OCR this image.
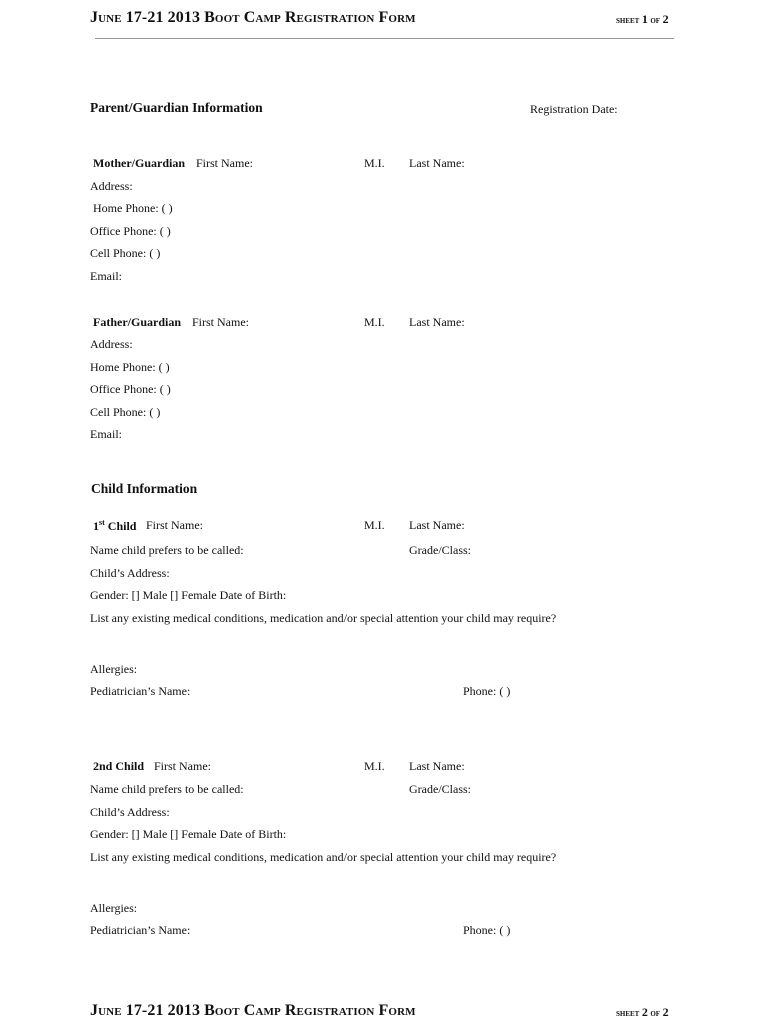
June 17-21 2013 Boot Camp Registration Form	sheet 1 of 2
Parent/Guardian Information	Registration Date:
Mother/Guardian First Name:	M.I. Last Name:
Address:
Home Phone: ( )
Office Phone: ( )
Cell Phone: ( )
Email:
Father/Guardian First Name:	M.I. Last Name:
Address:
Home Phone: ( )
Office Phone: ( )
Cell Phone: ( )
Email:
Child Information
1st Child First Name:	M.I. Last Name:
Name child prefers to be called:	Grade/Class:
Child’s Address:
Gender: [] Male [] Female Date of Birth:
List any existing medical conditions, medication and/or special attention your child may require?
Allergies:
Pediatrician’s Name:	Phone: ( )
2nd Child First Name:	M.I. Last Name:
Name child prefers to be called:	Grade/Class:
Child’s Address:
Gender: [] Male [] Female Date of Birth:
List any existing medical conditions, medication and/or special attention your child may require?
Allergies:
Pediatrician’s Name:	Phone: ( )
June 17-21 2013 Boot Camp Registration Form	sheet 2 of 2
